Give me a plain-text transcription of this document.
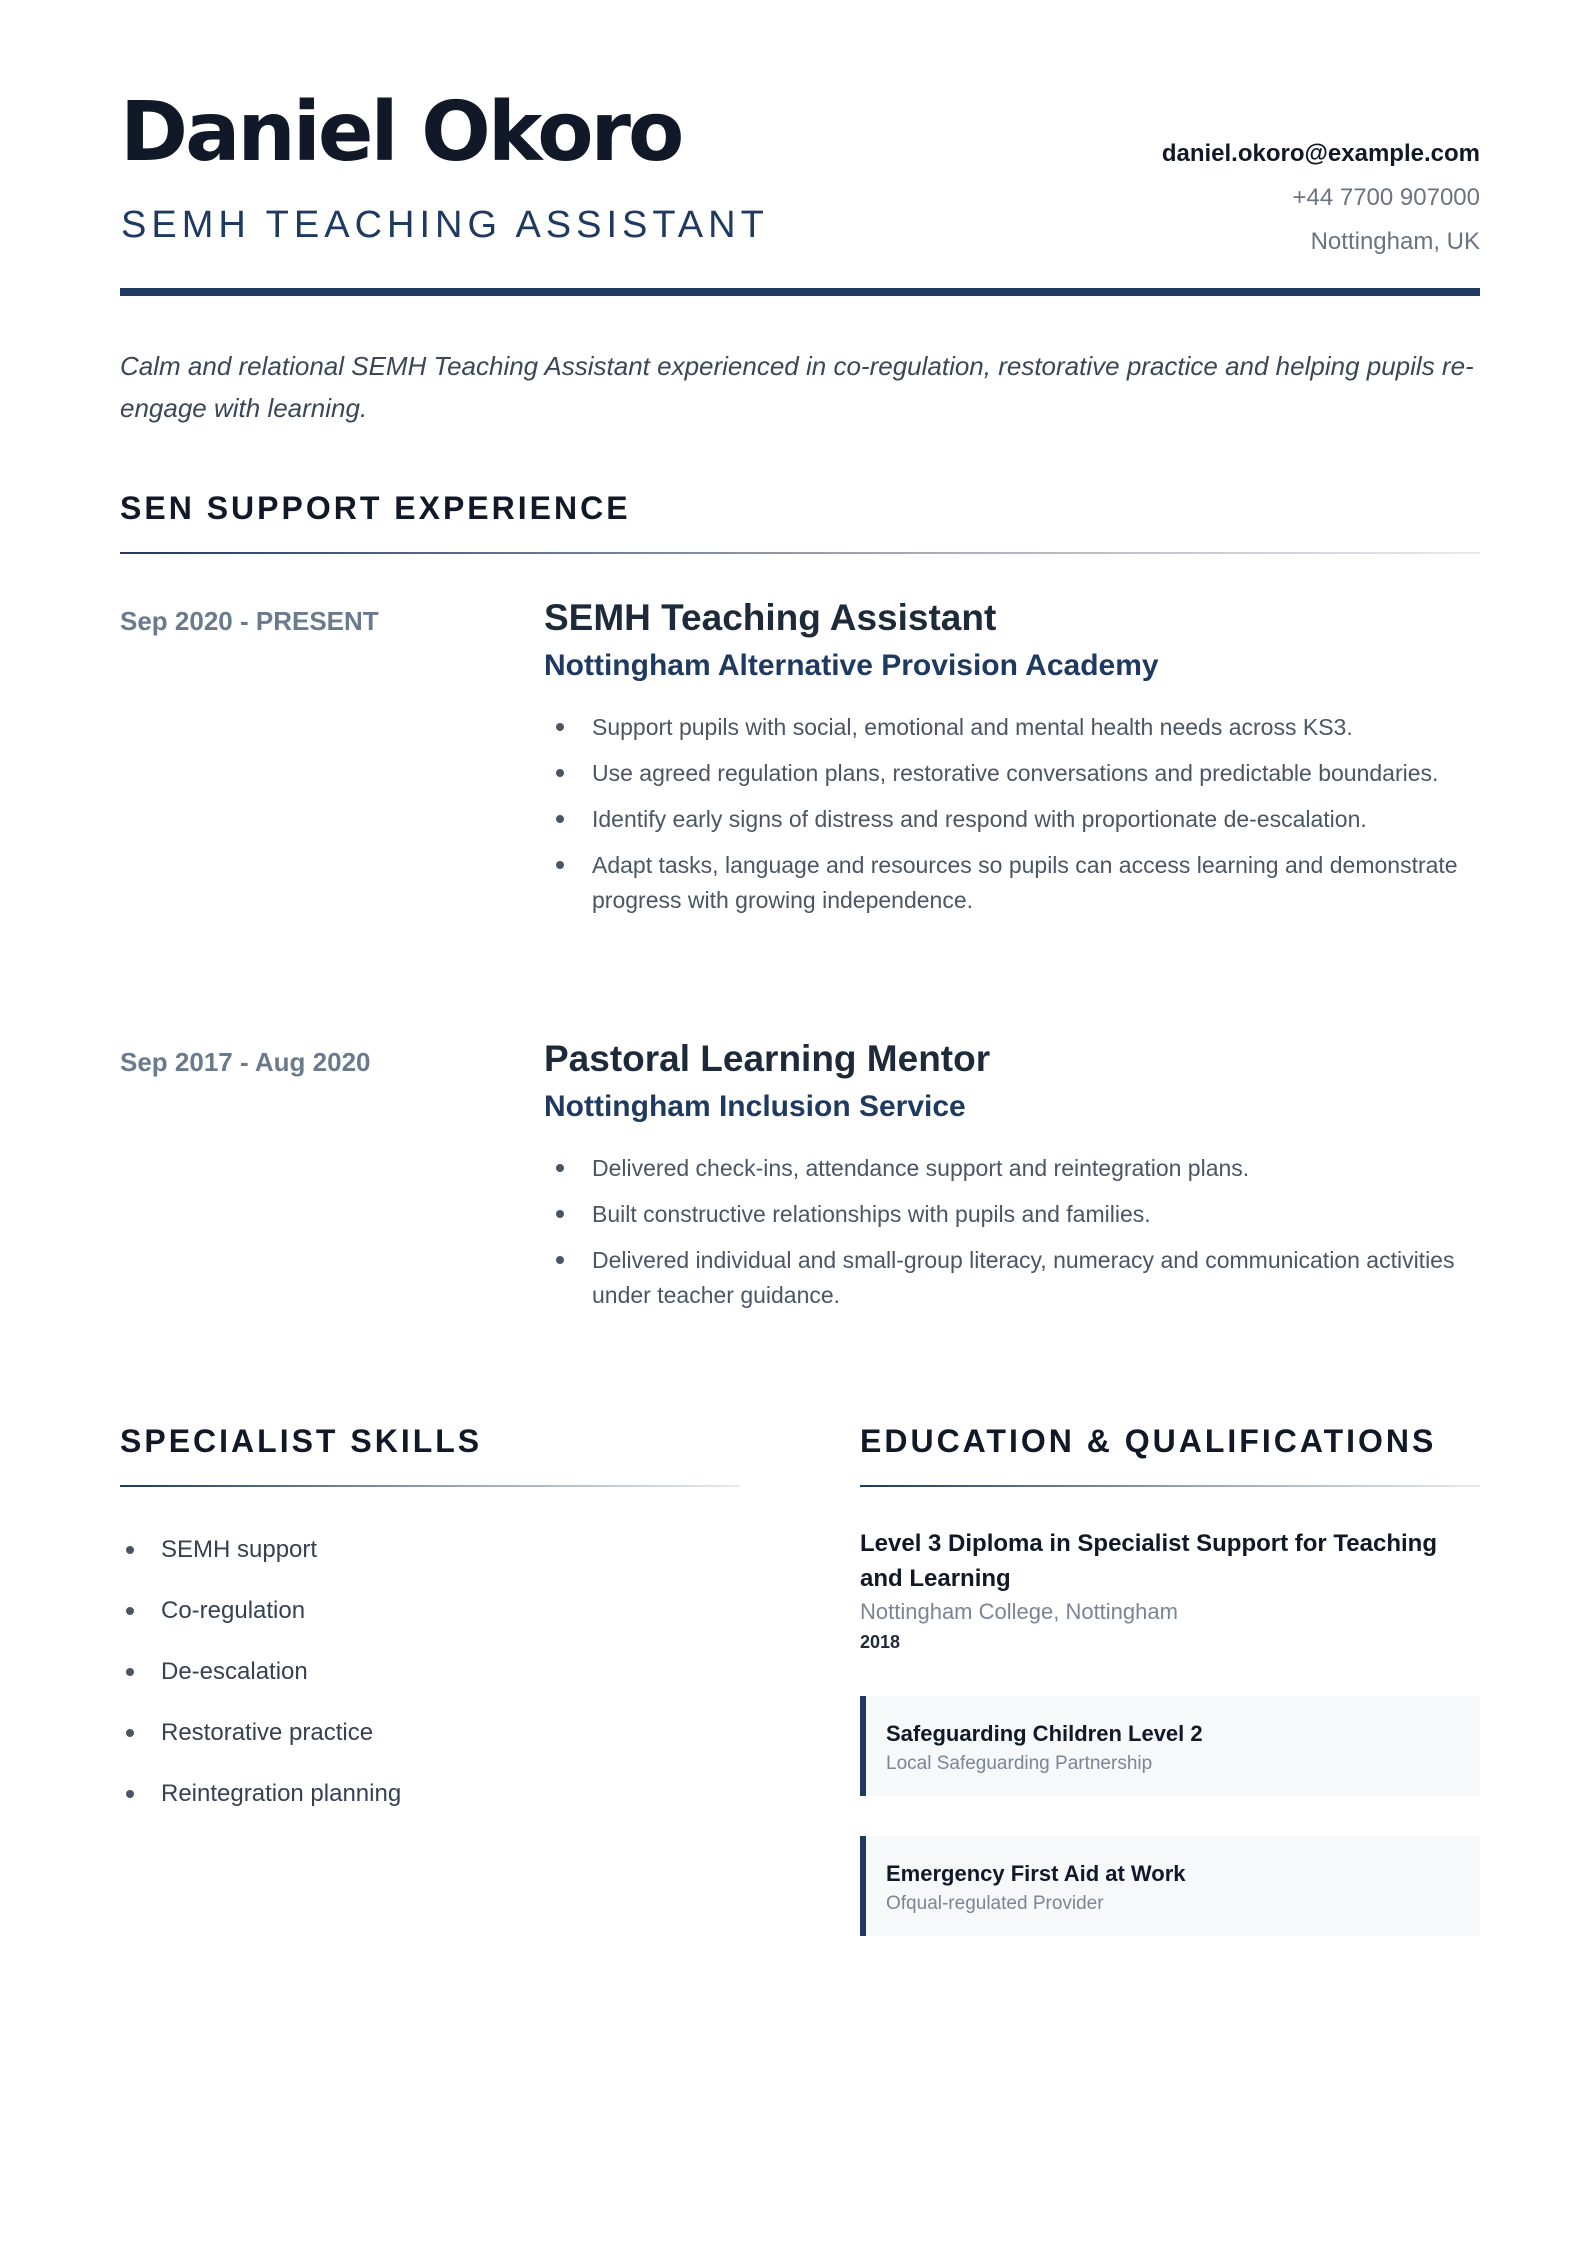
Daniel Okoro
SEMH TEACHING ASSISTANT
daniel.okoro@example.com
+44 7700 907000
Nottingham, UK

Calm and relational SEMH Teaching Assistant experienced in co-regulation, restorative practice and helping pupils re-engage with learning.

SEN SUPPORT EXPERIENCE
Sep 2020 - PRESENT	SEMH Teaching Assistant
Nottingham Alternative Provision Academy
Support pupils with social, emotional and mental health needs across KS3.
Use agreed regulation plans, restorative conversations and predictable boundaries.
Identify early signs of distress and respond with proportionate de-escalation.
Adapt tasks, language and resources so pupils can access learning and demonstrate progress with growing independence.
Sep 2017 - Aug 2020	Pastoral Learning Mentor
Nottingham Inclusion Service
Delivered check-ins, attendance support and reintegration plans.
Built constructive relationships with pupils and families.
Delivered individual and small-group literacy, numeracy and communication activities under teacher guidance.
SPECIALIST SKILLS
SEMH support
Co-regulation
De-escalation
Restorative practice
Reintegration planning
EDUCATION & QUALIFICATIONS
Level 3 Diploma in Specialist Support for Teaching and Learning
Nottingham College, Nottingham
2018
Safeguarding Children Level 2
Local Safeguarding Partnership
Emergency First Aid at Work
Ofqual-regulated Provider
